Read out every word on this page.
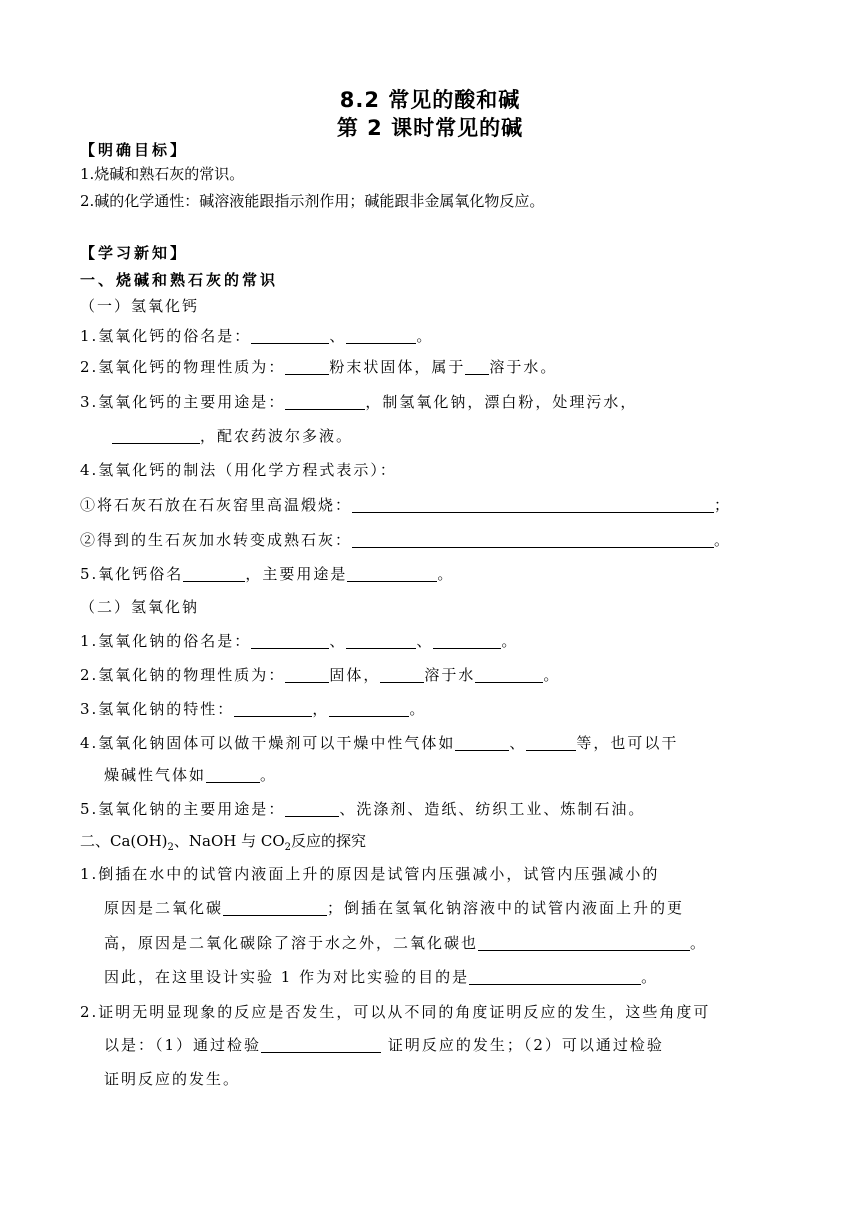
8.2 常见的酸和碱
第 2 课时常见的碱
【明确目标】
1.烧碱和熟石灰的常识。
2.碱的化学通性：碱溶液能跟指示剂作用；碱能跟非金属氧化物反应。
【学习新知】
一、烧碱和熟石灰的常识
（一）氢氧化钙
1.氢氧化钙的俗名是：	、	。
2.氢氧化钙的物理性质为：	粉末状固体，属于 溶于水。
3.氢氧化钙的主要用途是：	，制氢氧化钠，漂白粉，处理污水，
，配农药波尔多液。
4.氢氧化钙的制法（用化学方程式表示）：
①将石灰石放在石灰窑里高温煅烧：	；
②得到的生石灰加水转变成熟石灰：	。
5.氧化钙俗名	，主要用途是	。
（二）氢氧化钠
1.氢氧化钠的俗名是：	、	、	。
2.氢氧化钠的物理性质为：	固体，	溶于水	。
3.氢氧化钠的特性：	，	。
4.氢氧化钠固体可以做干燥剂可以干燥中性气体如	、	等，也可以干
燥碱性气体如	。
5.氢氧化钠的主要用途是：	、洗涤剂、造纸、纺织工业、炼制石油。
二、$Ca(OH)_2$、NaOH 与 $CO_2$反应的探究
1.倒插在水中的试管内液面上升的原因是试管内压强减小，试管内压强减小的
原因是二氧化碳	；倒插在氢氧化钠溶液中的试管内液面上升的更
高，原因是二氧化碳除了溶于水之外，二氧化碳也	。
因此，在这里设计实验 1 作为对比实验的目的是	。
2.证明无明显现象的反应是否发生，可以从不同的角度证明反应的发生，这些角度可
以是：（1）通过检验	证明反应的发生；（2）可以通过检验
证明反应的发生。
